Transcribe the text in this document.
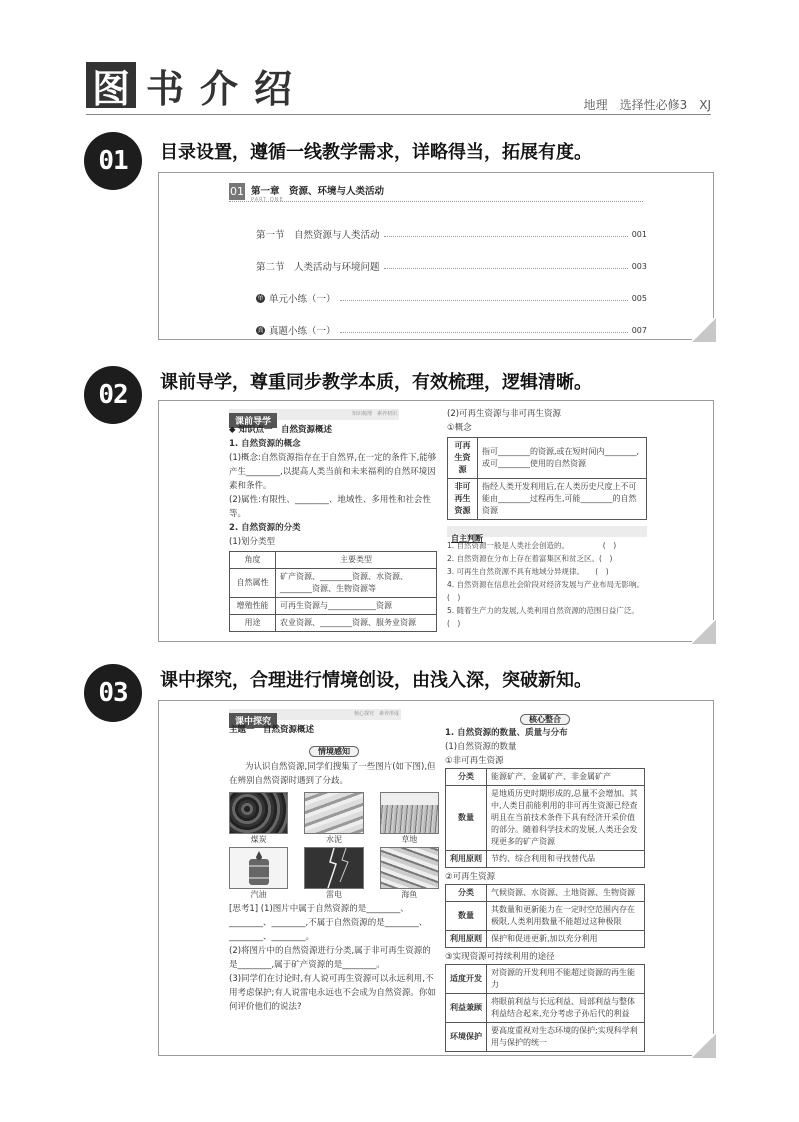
图 书 介 绍	地理　选择性必修3　XJ
01	目录设置，遵循一线教学需求，详略得当，拓展有度。
01 第一章　资源、环境与人类活动
PART ONE
第一节　自然资源与人类活动	001
第二节　人类活动与环境问题	003
单 单元小练（一）	005
真 真题小练（一）	007
02	课前导学，尊重同步教学本质，有效梳理，逻辑清晰。
课前导学
知识梳理　素养初识
◆ 知识点一　自然资源概述
1. 自然资源的概念
(1)概念:自然资源指存在于自然界,在一定的条件下,能够产生________,以提高人类当前和未来福利的自然环境因素和条件。
(2)属性:有限性、________、地域性、多用性和社会性等。
2. 自然资源的分类
(1)划分类型
角度	主要类型
自然属性	矿产资源、________资源、水资源、________资源、生物资源等
增殖性能	可再生资源与____________资源
用途	农业资源、________资源、服务业资源
(2)可再生资源与非可再生资源
①概念
可再生资源	指可________的资源,或在短时间内________,或可________使用的自然资源
非可再生资源	指经人类开发利用后,在人类历史尺度上不可能由________过程再生,可能________的自然资源
自主判断
1. 自然资源一般是人类社会创造的。　　　　　(　)
2. 自然资源在分布上存在着富集区和贫乏区。(　)
3. 可再生自然资源不具有地域分异规律。　　(　)
4. 自然资源在信息社会阶段对经济发展与产业布局无影响。　　　　　　　　　　　　　　　　(　)
5. 随着生产力的发展,人类利用自然资源的范围日益广泛。　　　　　　　　　　　　　　　　(　)
03	课中探究，合理进行情境创设，由浅入深，突破新知。
课中探究
核心探究　素养形成
主题一　自然资源概述
情境感知
为认识自然资源,同学们搜集了一些图片(如下图),但在辨别自然资源时遇到了分歧。
煤炭	水泥	草地
汽油	雷电	海鱼
[思考1] (1)图片中属于自然资源的是________、________、________,不属于自然资源的是________、________、________。
(2)将图片中的自然资源进行分类,属于非可再生资源的是________,属于矿产资源的是________。
(3)同学们在讨论时,有人说可再生资源可以永远利用,不用考虑保护;有人说雷电永远也不会成为自然资源。你如何评价他们的说法?
核心整合
1. 自然资源的数量、质量与分布
(1)自然资源的数量
①非可再生资源
分类	能源矿产、金属矿产、非金属矿产
数量	是地质历史时期形成的,总量不会增加。其中,人类目前能利用的非可再生资源已经查明且在当前技术条件下具有经济开采价值的部分。随着科学技术的发展,人类还会发现更多的矿产资源
利用原则	节约、综合利用和寻找替代品
②可再生资源
分类	气候资源、水资源、土地资源、生物资源
数量	其数量和更新能力在一定时空范围内存在极限,人类利用数量不能超过这种极限
利用原则	保护和促进更新,加以充分利用
③实现资源可持续利用的途径
适度开发	对资源的开发利用不能超过资源的再生能力
利益兼顾	将眼前利益与长远利益、局部利益与整体利益结合起来,充分考虑子孙后代的利益
环境保护	要高度重视对生态环境的保护;实现科学利用与保护的统一
